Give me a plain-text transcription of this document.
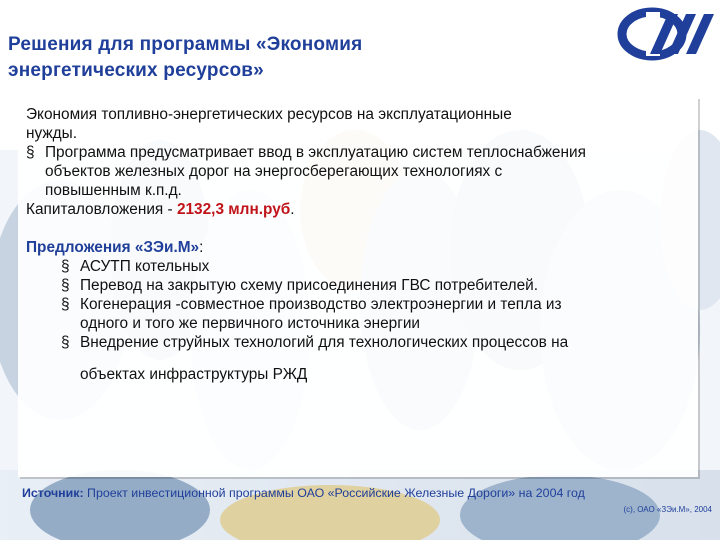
Решения для программы «Экономия
энергетических ресурсов»

Экономия топливно-энергетических ресурсов на эксплуатационные

нужды.

§ Программа предусматривает ввод в эксплуатацию систем теплоснабжения
объектов железных дорог на энергосберегающих технологиях с
повышенным к.п.д.

Капиталовложения - 2132,3 млн.руб.

Предложения «ЗЭи.М»:

§ АСУТП котельных
§ Перевод на закрытую схему присоединения ГВС потребителей.
§ Когенерация -совместное производство электроэнергии и тепла из
одного и того же первичного источника энергии
§ Внедрение струйных технологий для технологических процессов на
объектах инфраструктуры РЖД
Источник: Проект инвестиционной программы ОАО «Российские Железные Дороги» на 2004 год
(с), ОАО «ЗЭи.М», 2004
